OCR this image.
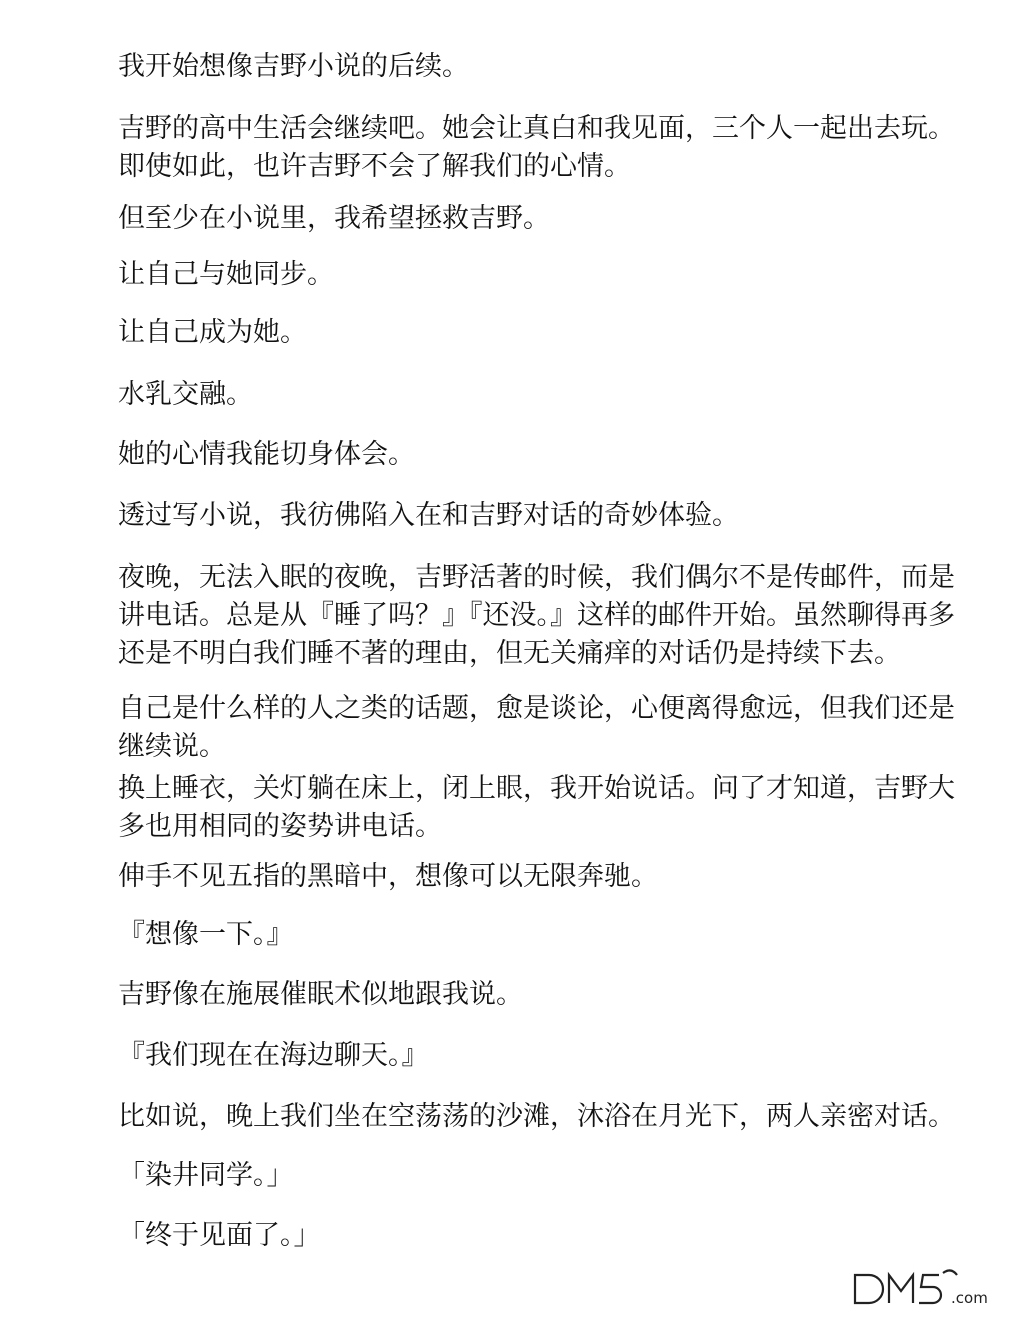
我开始想像吉野小说的后续。

吉野的高中生活会继续吧。她会让真白和我见面，三个人一起出去玩。即使如此，也许吉野不会了解我们的心情。

但至少在小说里，我希望拯救吉野。

让自己与她同步。

让自己成为她。

水乳交融。

她的心情我能切身体会。

透过写小说，我彷佛陷入在和吉野对话的奇妙体验。

夜晚，无法入眠的夜晚，吉野活著的时候，我们偶尔不是传邮件，而是讲电话。总是从『睡了吗？』『还没。』这样的邮件开始。虽然聊得再多还是不明白我们睡不著的理由，但无关痛痒的对话仍是持续下去。

自己是什么样的人之类的话题，愈是谈论，心便离得愈远，但我们还是继续说。

换上睡衣，关灯躺在床上，闭上眼，我开始说话。问了才知道，吉野大多也用相同的姿势讲电话。

伸手不见五指的黑暗中，想像可以无限奔驰。

『想像一下。』

吉野像在施展催眠术似地跟我说。

『我们现在在海边聊天。』

比如说，晚上我们坐在空荡荡的沙滩，沐浴在月光下，两人亲密对话。

「染井同学。」

「终于见面了。」

.com
